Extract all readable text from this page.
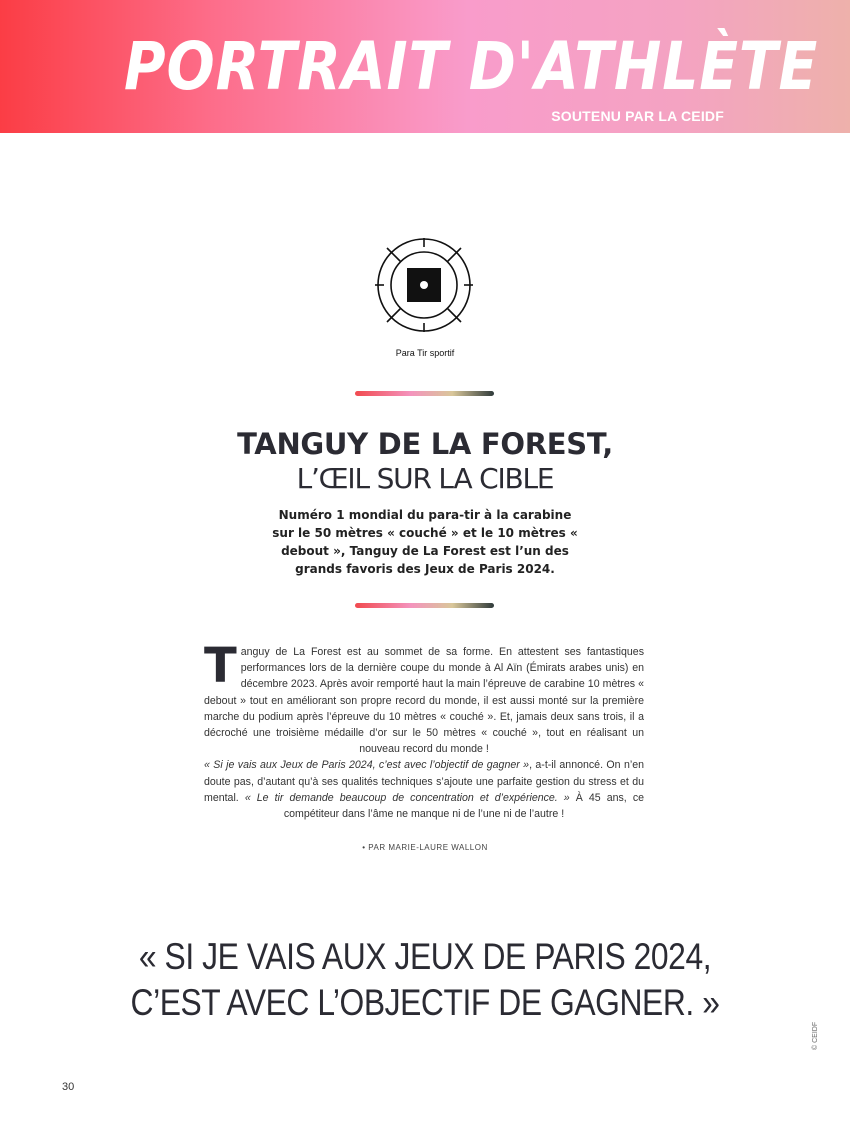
PORTRAIT D'ATHLÈTE
SOUTENU PAR LA CEIDF
Para Tir sportif
TANGUY DE LA FOREST,
L’ŒIL SUR LA CIBLE
Numéro 1 mondial du para-tir à la carabine sur le 50 mètres « couché » et le 10 mètres « debout », Tanguy de La Forest est l’un des grands favoris des Jeux de Paris 2024.

Tanguy de La Forest est au sommet de sa forme. En attestent ses fantastiques performances lors de la dernière coupe du monde à Al Aïn (Émirats arabes unis) en décembre 2023. Après avoir remporté haut la main l’épreuve de carabine 10 mètres « debout » tout en améliorant son propre record du monde, il est aussi monté sur la première marche du podium après l’épreuve du 10 mètres « couché ». Et, jamais deux sans trois, il a décroché une troisième médaille d’or sur le 50 mètres « couché », tout en réalisant un nouveau record du monde !

« Si je vais aux Jeux de Paris 2024, c’est avec l’objectif de gagner », a-t-il annoncé. On n’en doute pas, d’autant qu’à ses qualités techniques s’ajoute une parfaite gestion du stress et du mental. « Le tir demande beaucoup de concentration et d’expérience. » À 45 ans, ce compétiteur dans l’âme ne manque ni de l’une ni de l’autre !

• PAR MARIE-LAURE WALLON
« SI JE VAIS AUX JEUX DE PARIS 2024,
C’EST AVEC L’OBJECTIF DE GAGNER. »
30
© CEIDF
